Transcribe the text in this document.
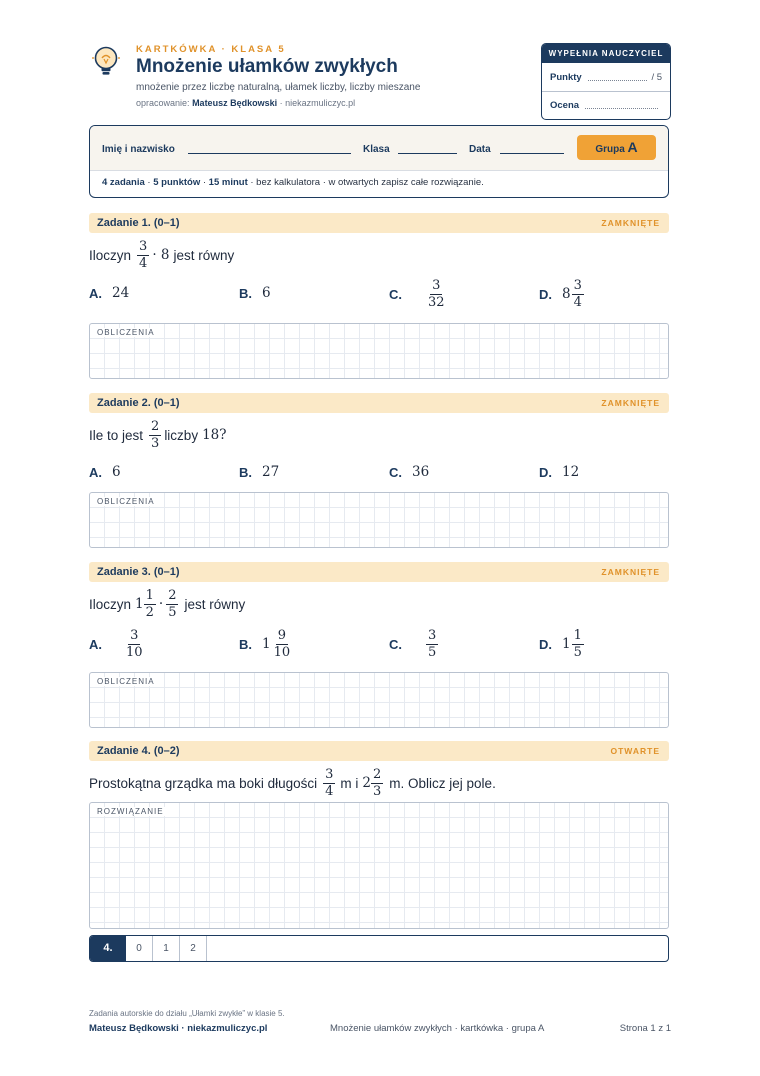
KARTKÓWKA · KLASA 5
Mnożenie ułamków zwykłych
mnożenie przez liczbę naturalną, ułamek liczby, liczby mieszane
opracowanie: Mateusz Będkowski · niekazmuliczyc.pl
WYPEŁNIA NAUCZYCIEL
Punkty	/ 5
Ocena
Imię i nazwisko	Klasa	Data	Grupa A
4 zadania · 5 punktów · 15 minut · bez kalkulatora · w otwartych zapisz całe rozwiązanie.
Zadanie 1. (0–1)	ZAMKNIĘTE
Iloczyn $\frac{3}{4} \cdot 8$ jest równy
A. 24	B. 6	C. $\frac{3}{32}$	D. $8 \frac{3}{4}$
OBLICZENIA
Zadanie 2. (0–1)	ZAMKNIĘTE
Ile to jest $\frac{2}{3}$ liczby 18?
A. 6	B. 27	C. 36	D. 12
OBLICZENIA
Zadanie 3. (0–1)	ZAMKNIĘTE
Iloczyn $1 \frac{1}{2} \cdot \frac{2}{5}$ jest równy
A. $\frac{3}{10}$	B. $1 \frac{9}{10}$	C. $\frac{3}{5}$	D. $1 \frac{1}{5}$
OBLICZENIA
Zadanie 4. (0–2)	OTWARTE
Prostokątna grządka ma boki długości $\frac{3}{4}$ m i $2 \frac{2}{3} m$. Oblicz jej pole.
ROZWIĄZANIE
4.	0	1	2
Zadania autorskie do działu „Ułamki zwykłe” w klasie 5.
Mateusz Będkowski · niekazmuliczyc.pl	Mnożenie ułamków zwykłych · kartkówka · grupa A	Strona 1 z 1
